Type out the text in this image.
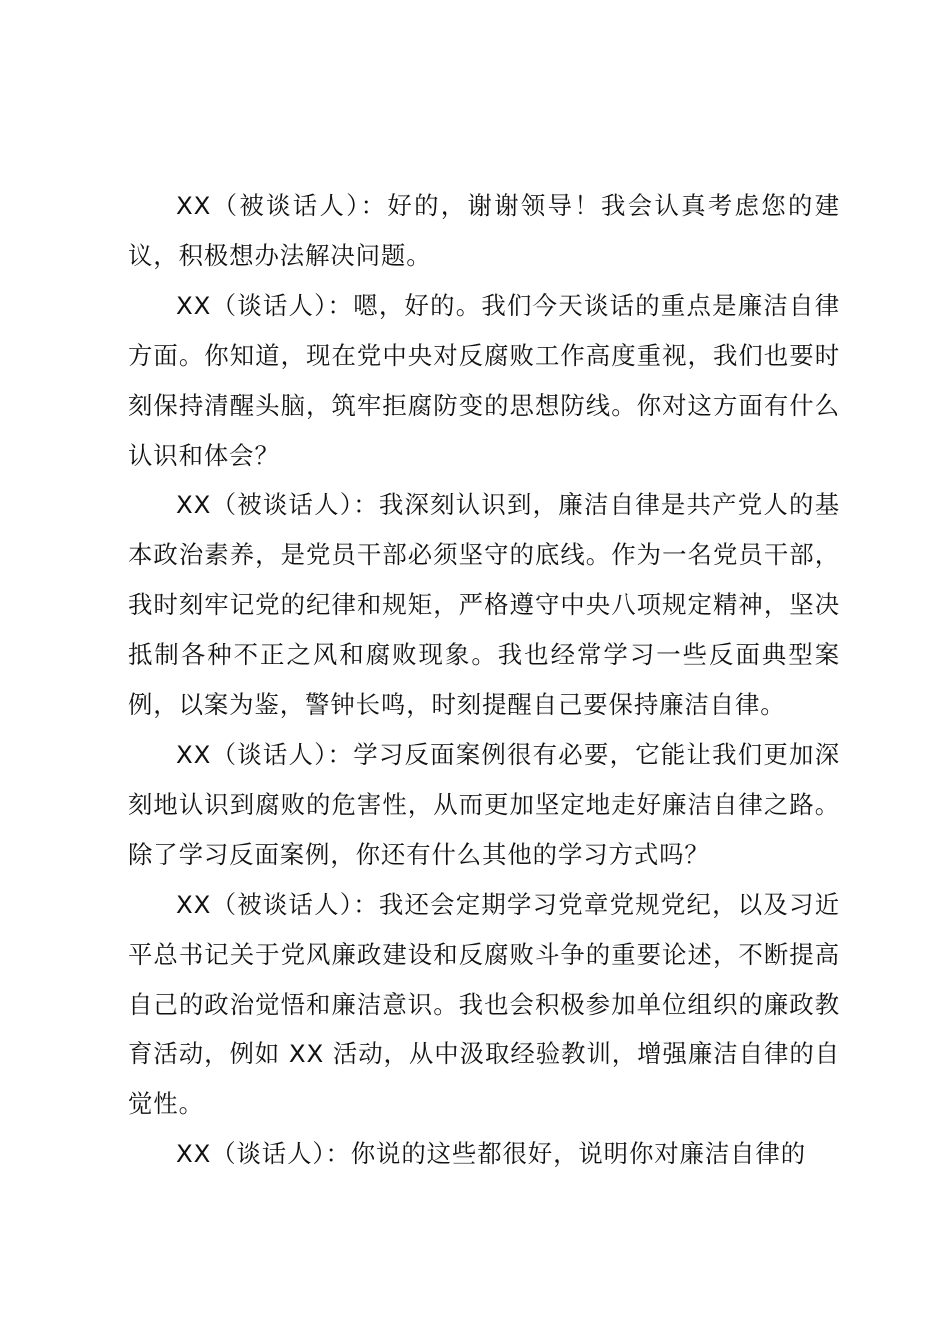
XX（被谈话人）：好的，谢谢领导！我会认真考虑您的建议，积极想办法解决问题。

XX（谈话人）：嗯，好的。我们今天谈话的重点是廉洁自律方面。你知道，现在党中央对反腐败工作高度重视，我们也要时刻保持清醒头脑，筑牢拒腐防变的思想防线。你对这方面有什么认识和体会？

XX（被谈话人）：我深刻认识到，廉洁自律是共产党人的基本政治素养，是党员干部必须坚守的底线。作为一名党员干部，我时刻牢记党的纪律和规矩，严格遵守中央八项规定精神，坚决抵制各种不正之风和腐败现象。我也经常学习一些反面典型案例，以案为鉴，警钟长鸣，时刻提醒自己要保持廉洁自律。

XX（谈话人）：学习反面案例很有必要，它能让我们更加深刻地认识到腐败的危害性，从而更加坚定地走好廉洁自律之路。除了学习反面案例，你还有什么其他的学习方式吗？

XX（被谈话人）：我还会定期学习党章党规党纪，以及习近平总书记关于党风廉政建设和反腐败斗争的重要论述，不断提高自己的政治觉悟和廉洁意识。我也会积极参加单位组织的廉政教育活动，例如 XX 活动，从中汲取经验教训，增强廉洁自律的自觉性。

XX（谈话人）：你说的这些都很好，说明你对廉洁自律的
